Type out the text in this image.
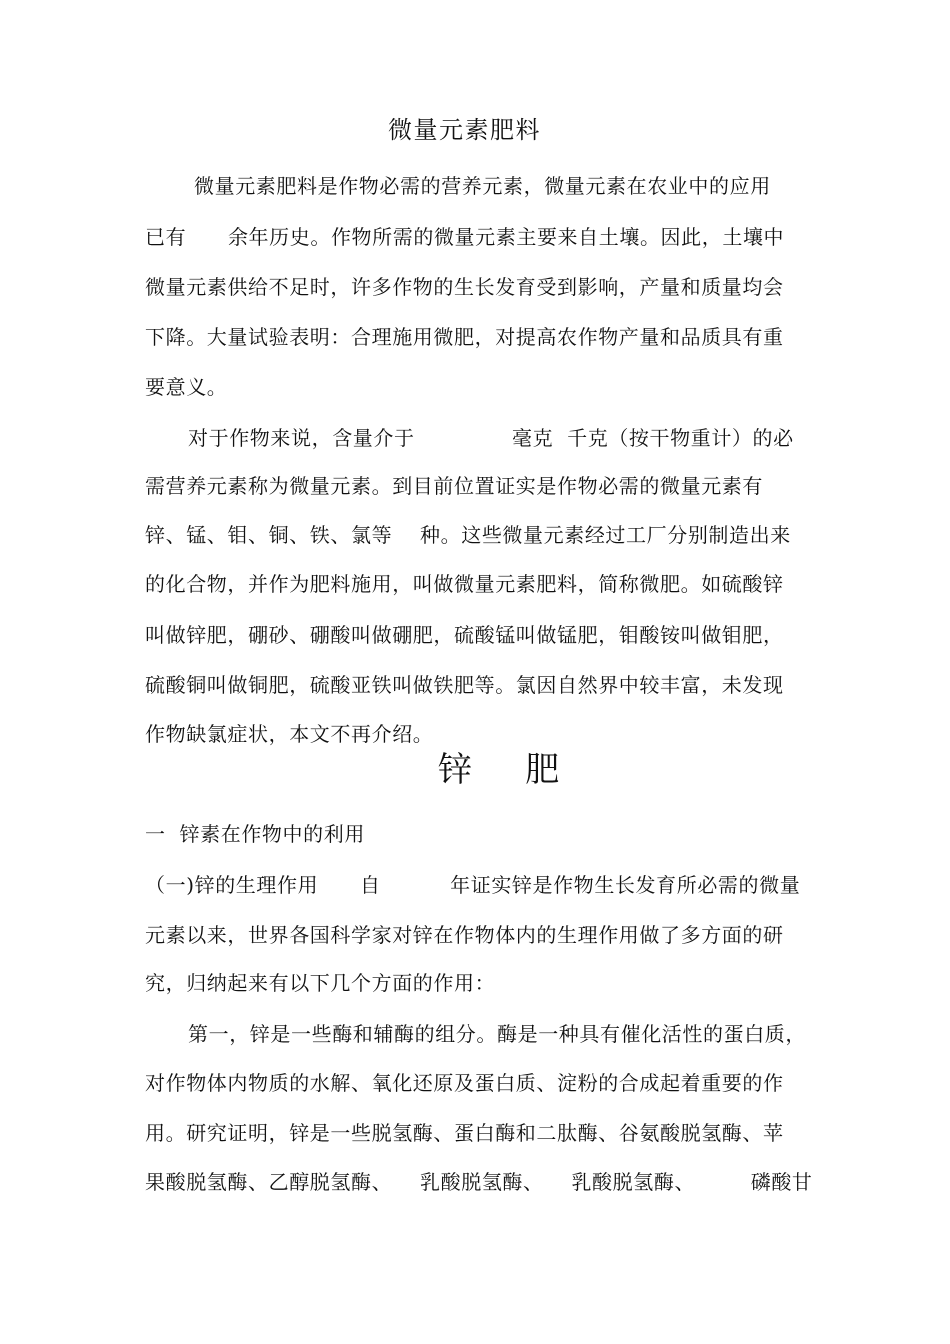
微量元素肥料
微量元素肥料是作物必需的营养元素，微量元素在农业中的应用
已有      余年历史。作物所需的微量元素主要来自土壤。因此，土壤中
微量元素供给不足时，许多作物的生长发育受到影响，产量和质量均会
下降。大量试验表明：合理施用微肥，对提高农作物产量和品质具有重
要意义。
对于作物来说，含量介于              毫克  千克（按干物重计）的必
需营养元素称为微量元素。到目前位置证实是作物必需的微量元素有
锌、锰、钼、铜、铁、氯等    种。这些微量元素经过工厂分别制造出来
的化合物，并作为肥料施用，叫做微量元素肥料，简称微肥。如硫酸锌
叫做锌肥，硼砂、硼酸叫做硼肥，硫酸锰叫做锰肥，钼酸铵叫做钼肥，
硫酸铜叫做铜肥，硫酸亚铁叫做铁肥等。氯因自然界中较丰富，未发现
作物缺氯症状，本文不再介绍。
锌    肥
一  锌素在作物中的利用
（一)锌的生理作用      自          年证实锌是作物生长发育所必需的微量
元素以来，世界各国科学家对锌在作物体内的生理作用做了多方面的研
究，归纳起来有以下几个方面的作用：
第一，锌是一些酶和辅酶的组分。酶是一种具有催化活性的蛋白质，
对作物体内物质的水解、氧化还原及蛋白质、淀粉的合成起着重要的作
用。研究证明，锌是一些脱氢酶、蛋白酶和二肽酶、谷氨酸脱氢酶、苹
果酸脱氢酶、乙醇脱氢酶、    乳酸脱氢酶、    乳酸脱氢酶、        磷酸甘
